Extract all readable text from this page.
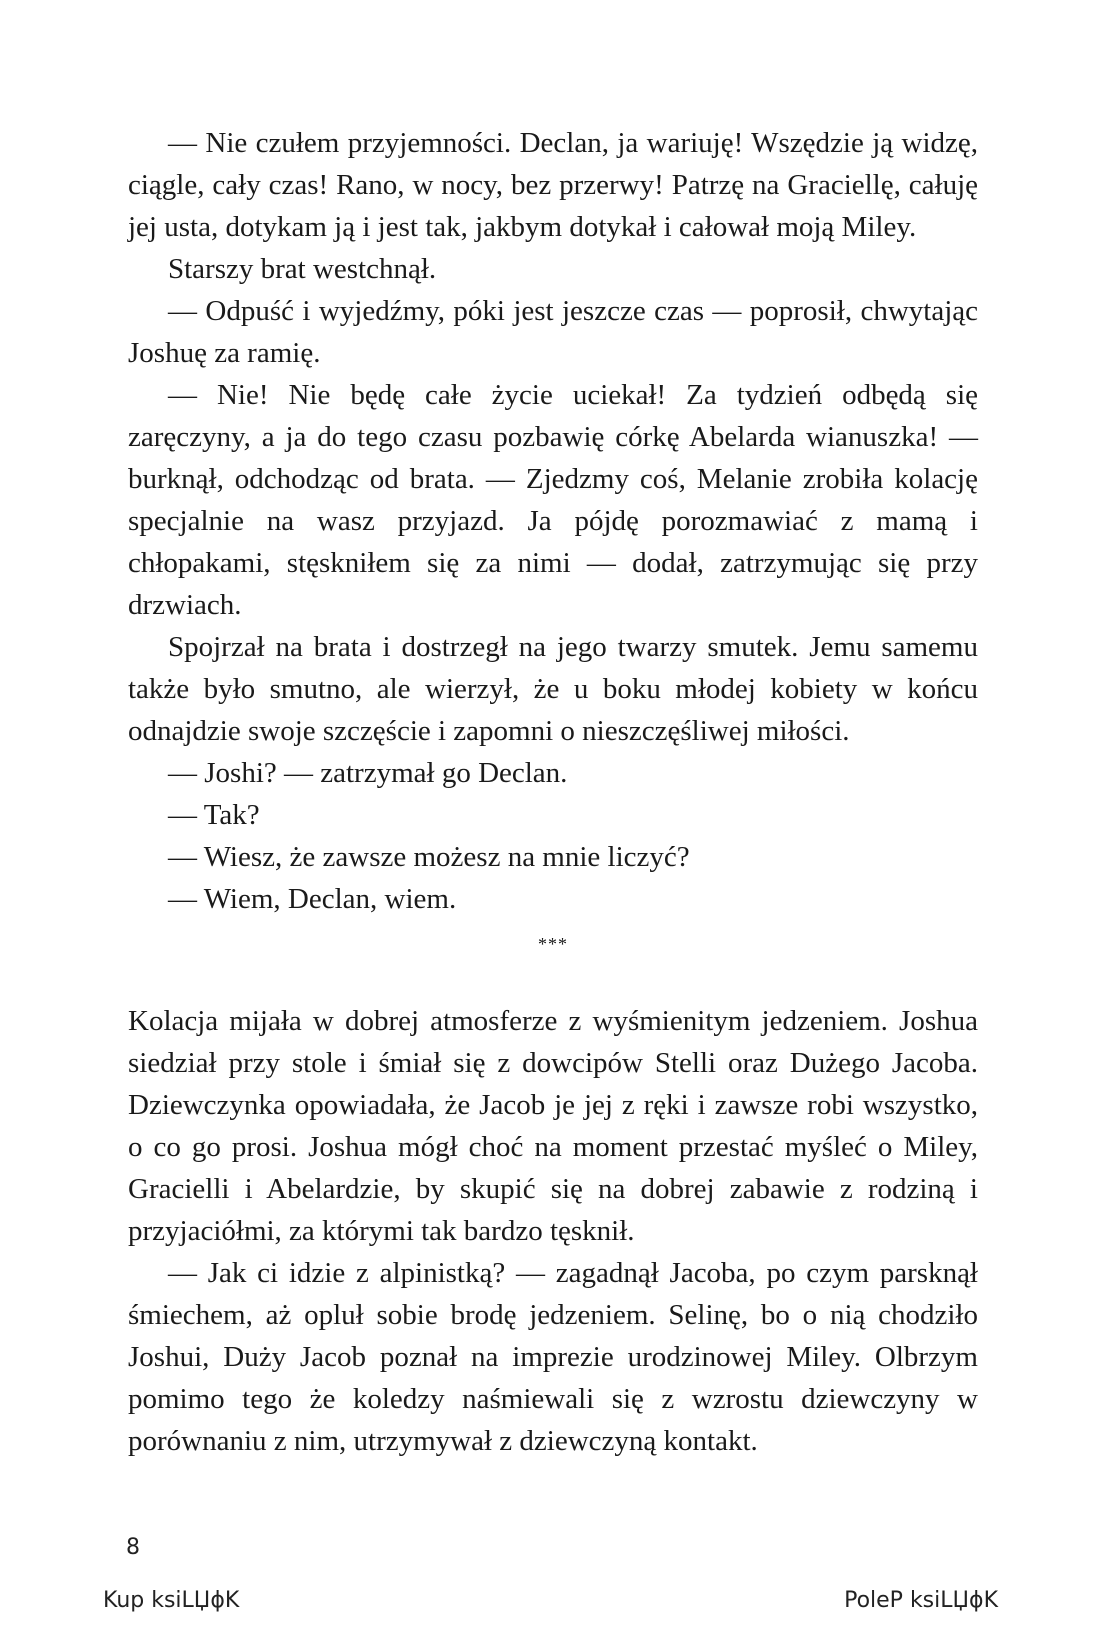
— Nie czułem przyjemności. Declan, ja wariuję! Wszędzie ją widzę, ciągle, cały czas! Rano, w nocy, bez przerwy! Patrzę na Graciellę, całuję jej usta, dotykam ją i jest tak, jakbym dotykał i całował moją Miley.

Starszy brat westchnął.

— Odpuść i wyjedźmy, póki jest jeszcze czas — poprosił, chwytając Joshuę za ramię.

— Nie! Nie będę całe życie uciekał! Za tydzień odbędą się zaręczyny, a ja do tego czasu pozbawię córkę Abelarda wianuszka! — burknął, odchodząc od brata. — Zjedzmy coś, Melanie zrobiła kolację specjalnie na wasz przyjazd. Ja pójdę porozmawiać z mamą i chłopakami, stęskniłem się za nimi — dodał, zatrzymując się przy drzwiach.

Spojrzał na brata i dostrzegł na jego twarzy smutek. Jemu samemu także było smutno, ale wierzył, że u boku młodej kobiety w końcu odnajdzie swoje szczęście i zapomni o nieszczęśliwej miłości.

— Joshi? — zatrzymał go Declan.

— Tak?

— Wiesz, że zawsze możesz na mnie liczyć?

— Wiem, Declan, wiem.

***

Kolacja mijała w dobrej atmosferze z wyśmienitym jedzeniem. Joshua siedział przy stole i śmiał się z dowcipów Stelli oraz Dużego Jacoba. Dziewczynka opowiadała, że Jacob je jej z ręki i zawsze robi wszystko, o co go prosi. Joshua mógł choć na moment przestać myśleć o Miley, Gracielli i Abelardzie, by skupić się na dobrej zabawie z rodziną i przyjaciółmi, za którymi tak bardzo tęsknił.

— Jak ci idzie z alpinistką? — zagadnął Jacoba, po czym parsknął śmiechem, aż opluł sobie brodę jedzeniem. Selinę, bo o nią chodziło Joshui, Duży Jacob poznał na imprezie urodzinowej Miley. Olbrzym pomimo tego że koledzy naśmiewali się z wzrostu dziewczyny w porównaniu z nim, utrzymywał z dziewczyną kontakt.

8
Kup ksiLЏϕK	PoleP ksiLЏϕK
